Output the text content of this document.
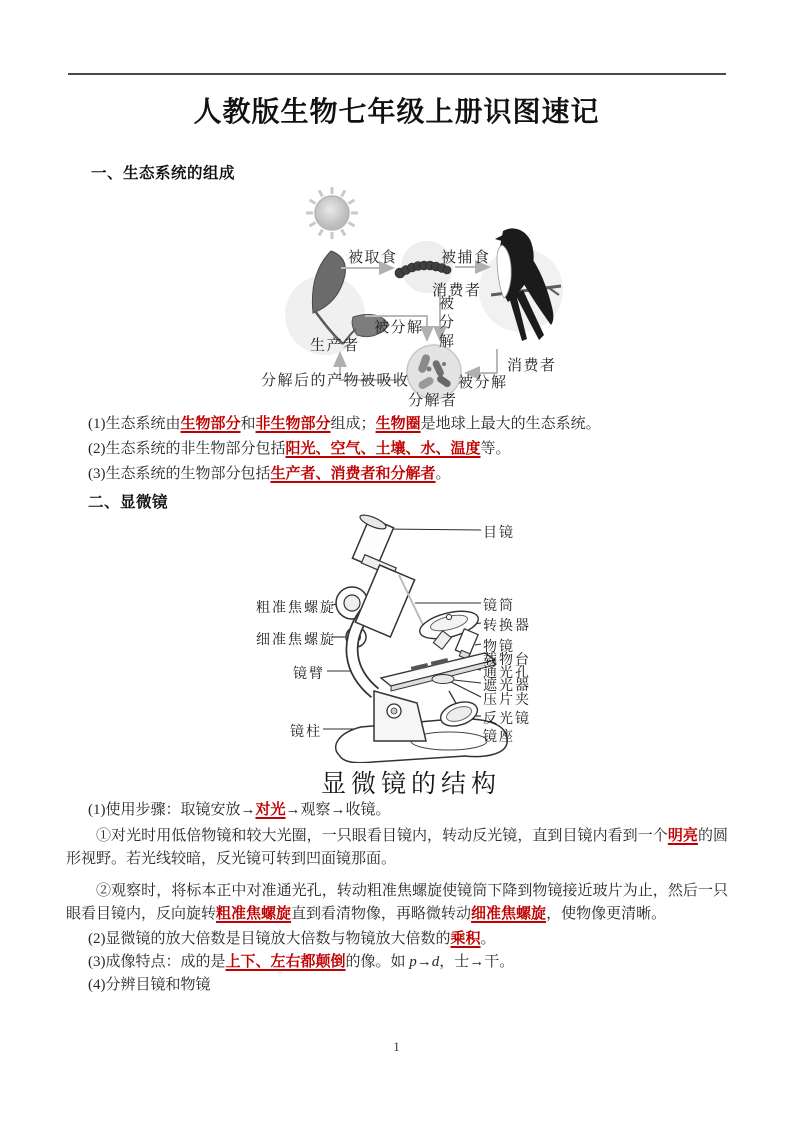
人教版生物七年级上册识图速记
一、生态系统的组成
被取食	被捕食
消费者
被分解
被分解
生产者
消费者
分解后的产物被吸收	被分解
分解者

(1)生态系统由生物部分和非生物部分组成；生物圈是地球上最大的生态系统。

(2)生态系统的非生物部分包括阳光、空气、土壤、水、温度等。

(3)生态系统的生物部分包括生产者、消费者和分解者。

二、显微镜
目镜
镜筒
转换器
物镜
载物台
通光孔
遮光器
压片夹
反光镜
镜座
粗准焦螺旋
细准焦螺旋
镜臂
镜柱
显微镜的结构

(1)使用步骤：取镜安放→对光→观察→收镜。

①对光时用低倍物镜和较大光圈，一只眼看目镜内，转动反光镜，直到目镜内看到一个明亮的圆形视野。若光线较暗，反光镜可转到凹面镜那面。

②观察时，将标本正中对准通光孔，转动粗准焦螺旋使镜筒下降到物镜接近玻片为止，然后一只眼看目镜内，反向旋转粗准焦螺旋直到看清物像，再略微转动细准焦螺旋，使物像更清晰。

(2)显微镜的放大倍数是目镜放大倍数与物镜放大倍数的乘积。

(3)成像特点：成的是上下、左右都颠倒的像。如 p→d，士→干。

(4)分辨目镜和物镜

1
